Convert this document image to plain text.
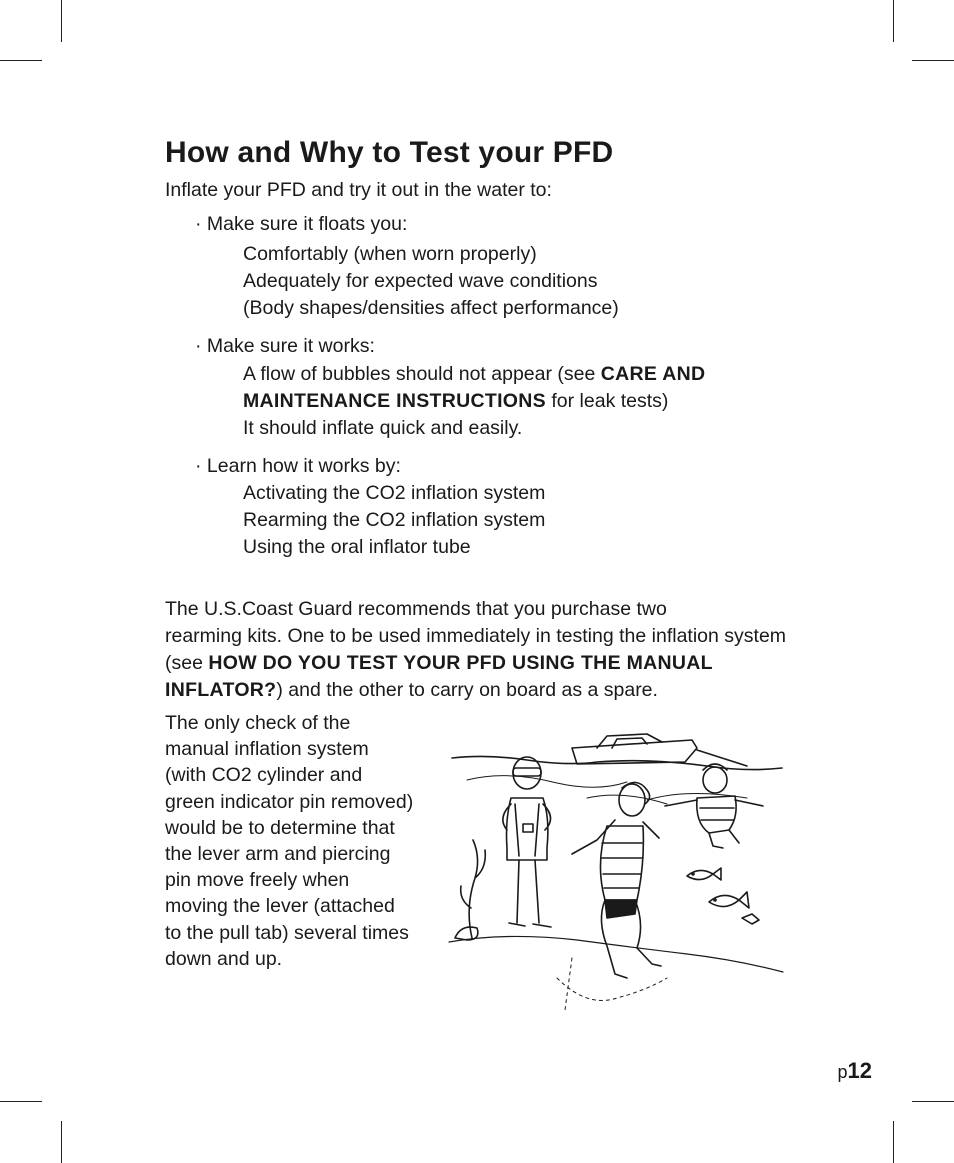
How and Why to Test your PFD
Inflate your PFD and try it out in the water to:
· Make sure it floats you:
Comfortably (when worn properly)
Adequately for expected wave conditions
(Body shapes/densities affect performance)
· Make sure it works:
A flow of bubbles should not appear (see CARE AND
MAINTENANCE INSTRUCTIONS for leak tests)
It should inflate quick and easily.
· Learn how it works by:
Activating the CO2 inflation system
Rearming the CO2 inflation system
Using the oral inflator tube
The U.S.Coast Guard recommends that you purchase two
rearming kits. One to be used immediately in testing the inflation system
(see HOW DO YOU TEST YOUR PFD USING THE MANUAL
INFLATOR?) and the other to carry on board as a spare.
The only check of the
manual inflation system
(with CO2 cylinder and
green indicator pin removed)
would be to determine that
the lever arm and piercing
pin move freely when
moving the lever (attached
to the pull tab) several times
down and up.
p12
